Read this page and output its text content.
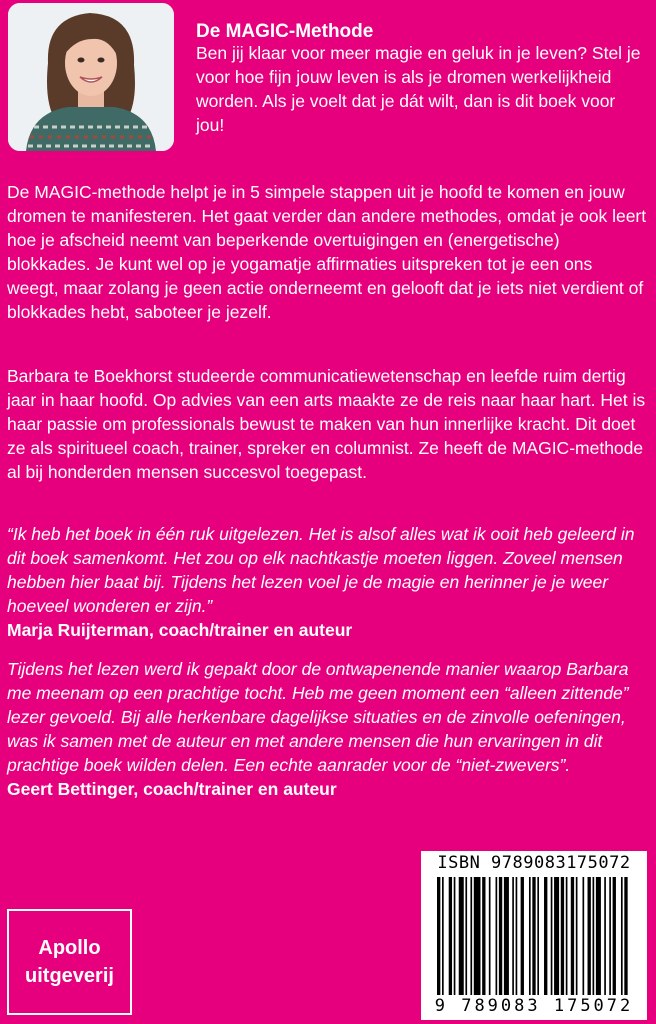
De MAGIC-Methode
Ben jij klaar voor meer magie en geluk in je leven? Stel je voor hoe fijn jouw leven is als je dromen werkelijkheid worden. Als je voelt dat je dát wilt, dan is dit boek voor jou!
De MAGIC-methode helpt je in 5 simpele stappen uit je hoofd te komen en jouw dromen te manifesteren. Het gaat verder dan andere methodes, omdat je ook leert hoe je afscheid neemt van beperkende overtuigingen en (energetische) blokkades. Je kunt wel op je yogamatje affirmaties uitspreken tot je een ons weegt, maar zolang je geen actie onderneemt en gelooft dat je iets niet verdient of blokkades hebt, saboteer je jezelf.
Barbara te Boekhorst studeerde communicatiewetenschap en leefde ruim dertig jaar in haar hoofd. Op advies van een arts maakte ze de reis naar haar hart. Het is haar passie om professionals bewust te maken van hun innerlijke kracht. Dit doet ze als spiritueel coach, trainer, spreker en columnist. Ze heeft de MAGIC-methode al bij honderden mensen succesvol toegepast.
“Ik heb het boek in één ruk uitgelezen. Het is alsof alles wat ik ooit heb geleerd in dit boek samenkomt. Het zou op elk nachtkastje moeten liggen. Zoveel mensen hebben hier baat bij. Tijdens het lezen voel je de magie en herinner je je weer hoeveel wonderen er zijn.”
Marja Ruijterman, coach/trainer en auteur
Tijdens het lezen werd ik gepakt door de ontwapenende manier waarop Barbara me meenam op een prachtige tocht. Heb me geen moment een “alleen zittende” lezer gevoeld. Bij alle herkenbare dagelijkse situaties en de zinvolle oefeningen, was ik samen met de auteur en met andere mensen die hun ervaringen in dit prachtige boek wilden delen. Een echte aanrader voor de “niet-zwevers”.
Geert Bettinger, coach/trainer en auteur
ISBN 9789083175072
9 789083 175072
Apollo
uitgeverij
